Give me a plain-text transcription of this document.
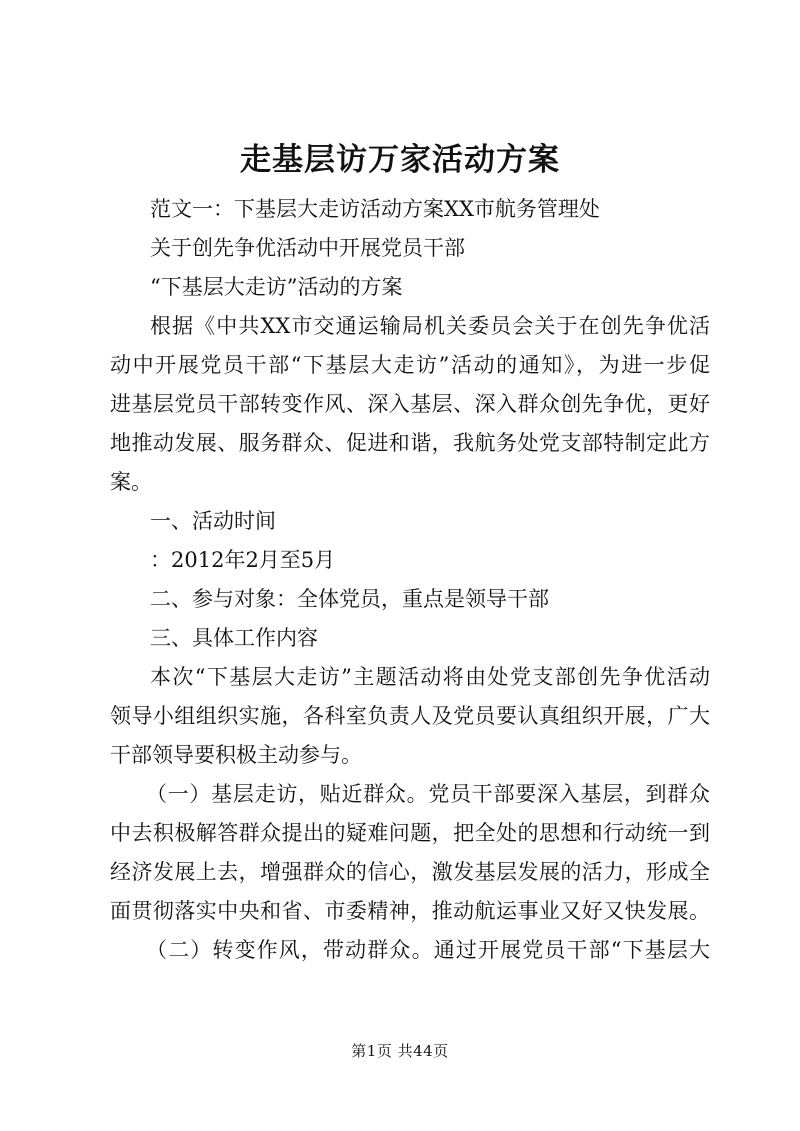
走基层访万家活动方案
范文一：下基层大走访活动方案XX市航务管理处
关于创先争优活动中开展党员干部
“下基层大走访”活动的方案
根据《中共XX市交通运输局机关委员会关于在创先争优活
动中开展党员干部“下基层大走访”活动的通知》，为进一步促
进基层党员干部转变作风、深入基层、深入群众创先争优，更好
地推动发展、服务群众、促进和谐，我航务处党支部特制定此方
案。
一、活动时间
：2012年2月至5月
二、参与对象：全体党员，重点是领导干部
三、具体工作内容
本次“下基层大走访”主题活动将由处党支部创先争优活动
领导小组组织实施，各科室负责人及党员要认真组织开展，广大
干部领导要积极主动参与。
（一）基层走访，贴近群众。党员干部要深入基层，到群众
中去积极解答群众提出的疑难问题，把全处的思想和行动统一到
经济发展上去，增强群众的信心，激发基层发展的活力，形成全
面贯彻落实中央和省、市委精神，推动航运事业又好又快发展。
（二）转变作风，带动群众。通过开展党员干部“下基层大
第1页 共44页
